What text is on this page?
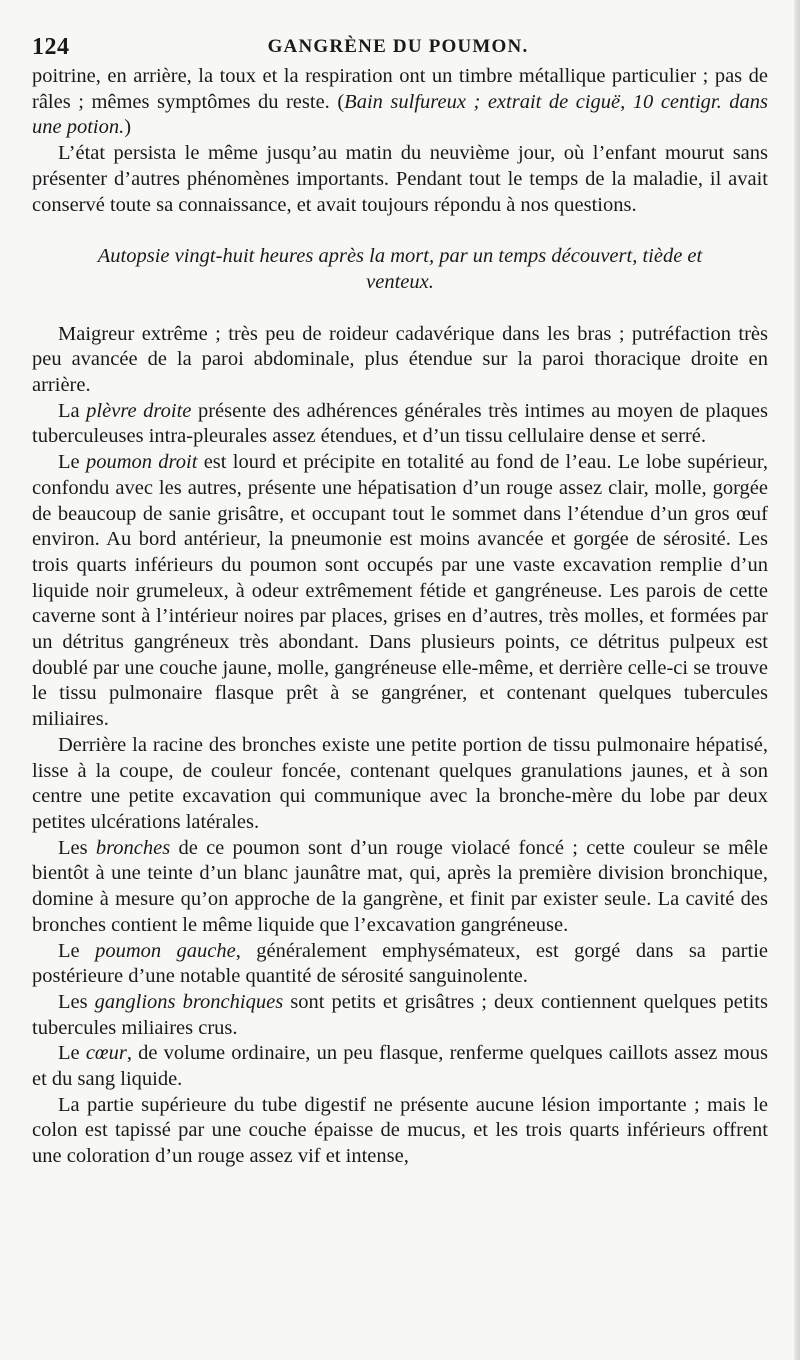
124	GANGRÈNE DU POUMON.

poitrine, en arrière, la toux et la respiration ont un timbre métallique particulier ; pas de râles ; mêmes symptômes du reste. (Bain sulfureux ; extrait de ciguë, 10 centigr. dans une potion.)

L’état persista le même jusqu’au matin du neuvième jour, où l’enfant mourut sans présenter d’autres phénomènes importants. Pendant tout le temps de la maladie, il avait conservé toute sa connaissance, et avait toujours répondu à nos questions.

Autopsie vingt-huit heures après la mort, par un temps découvert, tiède et venteux.

Maigreur extrême ; très peu de roideur cadavérique dans les bras ; putréfaction très peu avancée de la paroi abdominale, plus étendue sur la paroi thoracique droite en arrière.

La plèvre droite présente des adhérences générales très intimes au moyen de plaques tuberculeuses intra-pleurales assez étendues, et d’un tissu cellulaire dense et serré.

Le poumon droit est lourd et précipite en totalité au fond de l’eau. Le lobe supérieur, confondu avec les autres, présente une hépatisation d’un rouge assez clair, molle, gorgée de beaucoup de sanie grisâtre, et occupant tout le sommet dans l’étendue d’un gros œuf environ. Au bord antérieur, la pneumonie est moins avancée et gorgée de sérosité. Les trois quarts inférieurs du poumon sont occupés par une vaste excavation remplie d’un liquide noir grumeleux, à odeur extrêmement fétide et gangréneuse. Les parois de cette caverne sont à l’intérieur noires par places, grises en d’autres, très molles, et formées par un détritus gangréneux très abondant. Dans plusieurs points, ce détritus pulpeux est doublé par une couche jaune, molle, gangréneuse elle-même, et derrière celle-ci se trouve le tissu pulmonaire flasque prêt à se gangréner, et contenant quelques tubercules miliaires.

Derrière la racine des bronches existe une petite portion de tissu pulmonaire hépatisé, lisse à la coupe, de couleur foncée, contenant quelques granulations jaunes, et à son centre une petite excavation qui communique avec la bronche-mère du lobe par deux petites ulcérations latérales.

Les bronches de ce poumon sont d’un rouge violacé foncé ; cette couleur se mêle bientôt à une teinte d’un blanc jaunâtre mat, qui, après la première division bronchique, domine à mesure qu’on approche de la gangrène, et finit par exister seule. La cavité des bronches contient le même liquide que l’excavation gangréneuse.

Le poumon gauche, généralement emphysémateux, est gorgé dans sa partie postérieure d’une notable quantité de sérosité sanguinolente.

Les ganglions bronchiques sont petits et grisâtres ; deux contiennent quelques petits tubercules miliaires crus.

Le cœur, de volume ordinaire, un peu flasque, renferme quelques caillots assez mous et du sang liquide.

La partie supérieure du tube digestif ne présente aucune lésion importante ; mais le colon est tapissé par une couche épaisse de mucus, et les trois quarts inférieurs offrent une coloration d’un rouge assez vif et intense,
